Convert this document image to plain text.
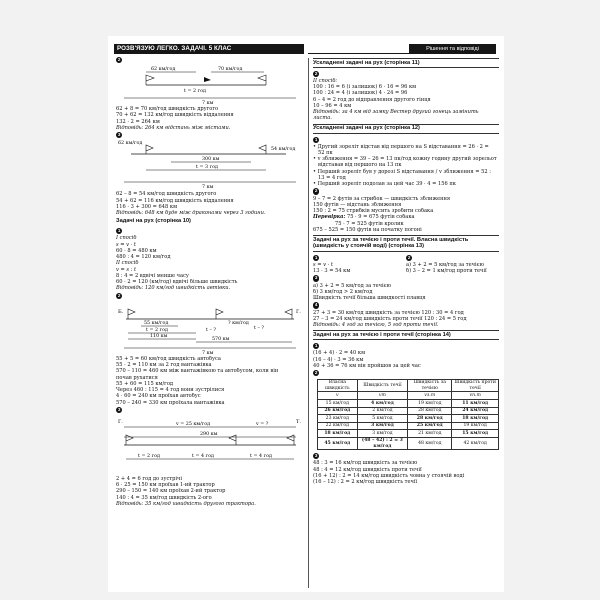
РОЗВ'ЯЗУЮ ЛЕГКО. ЗАДАЧІ. 5 КЛАС	Рішення та відповіді
2
62 км/год	70 км/год
t = 2 год
7 км
62 + 8 = 70 км/год швидкість другого
70 + 62 = 132 км/год швидкість віддалення
132 · 2 = 264 км
Відповідь: 264 км відстань між містами.
3
62 км/год
54 км/год
300 км
t = 3 год
7 км
62 – 8 = 54 км/год швидкість другого
54 + 62 = 116 км/год швидкість віддалення
116 · 3 + 300 = 648 км
Відповідь: 648 км буде між драконами через 3 години.
Задачі на рух (сторінка 10)
1
І спосіб
s = v · t
60 · 8 = 480 км
480 : 4 = 120 км/год
ІІ спосіб
v = s : t
8 : 4 = 2 вдвічі менше часу
60 · 2 = 120 (км/год) вдвічі більше швидкість
Відповідь: 120 км/год швидкість автівки.
2
Б.	Г.
55 км/год	? км/год
t – ?
t = 2 год	t – ?
110 км
570 км
7 км
55 + 5 = 60 км/год швидкість автобуса
55 · 2 = 110 км за 2 год вантажівка
570 – 110 = 460 км між вантажівкою та автобусом, коли він
почав рухатися
55 + 60 = 115 км/год
Через 460 : 115 = 4 год вони зустрілися
4 · 60 = 240 км проїхав автобус
570 – 240 = 330 км проїхала вантажівка
3
Г.	Т.
v = 25 км/год	v = ?
290 км
t = 2 год	t = 4 год	t = 4 год
2 + 4 = 6 год до зустрічі
6 · 25 = 150 км проїхав 1-ий трактор
290 – 150 = 140 км проїхав 2-ий трактор
140 : 4 = 35 км/год швидкість 2-ого
Відповідь: 35 км/год швидкість другого трактора.
Ускладнені задачі на рух (сторінка 11)
2
ІІ спосіб:
100 : 16 = 6 (і залишок) 6 · 16 = 96 км
100 : 24 = 4 (і залишок) 4 · 24 = 96
6 – 4 = 2 год до відправлення другого гінця
10 – 96 = 4 км
Відповідь: за 4 км від замку Вестер другий гонець замінить листа.
Ускладнені задачі на рух (сторінка 12)
1
• Другий зореліт відстав від першого на S відставання = 26 · 2 =
52 пк
• v зближення = 39 – 26 = 13 пк/год кожну годину другий зорельот відставав від першого на 13 пк
• Перший зореліт був у дорозі S відставання / v зближення = 52 : 13 = 4 год
• Перший зореліт подолав за цей час 39 · 4 = 156 пк
2
9 – 7 = 2 футів за стрибок — швидкість зближення
150 футів — відстань зближення
150 : 2 = 75 стрибків мусить зробити собака
Перевірка: 75 · 9 = 675 футів собака
75 · 7 = 525 футів кролик
675 – 525 = 150 футів на початку погоні
Задачі на рух за течією і проти течії. Власна швидкість (швидкість у стоячій воді) (сторінка 13)
1
s = v · t
13 · 3 = 54 км
2
а) 3 + 2 = 5 км/год за течією
б) 3 – 2 = 1 км/год проти течії
3
а) 3 + 2 = 5 км/год за течією
б) 3 км/год > 2 км/год
Швидкість течії більша швидкості плавця
4
27 + 3 = 30 км/год швидкість за течією 120 : 30 = 4 год
27 – 3 = 24 км/год швидкість проти течії 120 : 24 = 5 год
Відповідь: 4 год за течією, 5 год проти течії.
Задачі на рух за течією і проти течії (сторінка 14)
1
(16 + 4) · 2 = 40 км
(16 – 4) · 3 = 36 км
40 + 36 = 76 км він пройшов за цей час
2
Власна швидкість	Швидкість течії	Швидкість за течією	Швидкість проти течії
v	vт	vз.т	vп.т
15 км/год	4 км/год	19 км/год	11 км/год
26 км/год	2 км/год	28 км/год	24 км/год
23 км/год	5 км/год	28 км/год	18 км/год
22 км/год	3 км/год	25 км/год	19 км/год
18 км/год	3 км/год	21 км/год	15 км/год
45 км/год	(48 – 42) : 2 = 3 км/год	48 км/год	42 км/год
3
48 : 3 = 16 км/год швидкість за течією
48 : 4 = 12 км/год швидкість проти течії
(16 + 12) : 2 = 14 км/год швидкість човна у стоячій воді
(16 – 12) : 2 = 2 км/год швидкість течії
